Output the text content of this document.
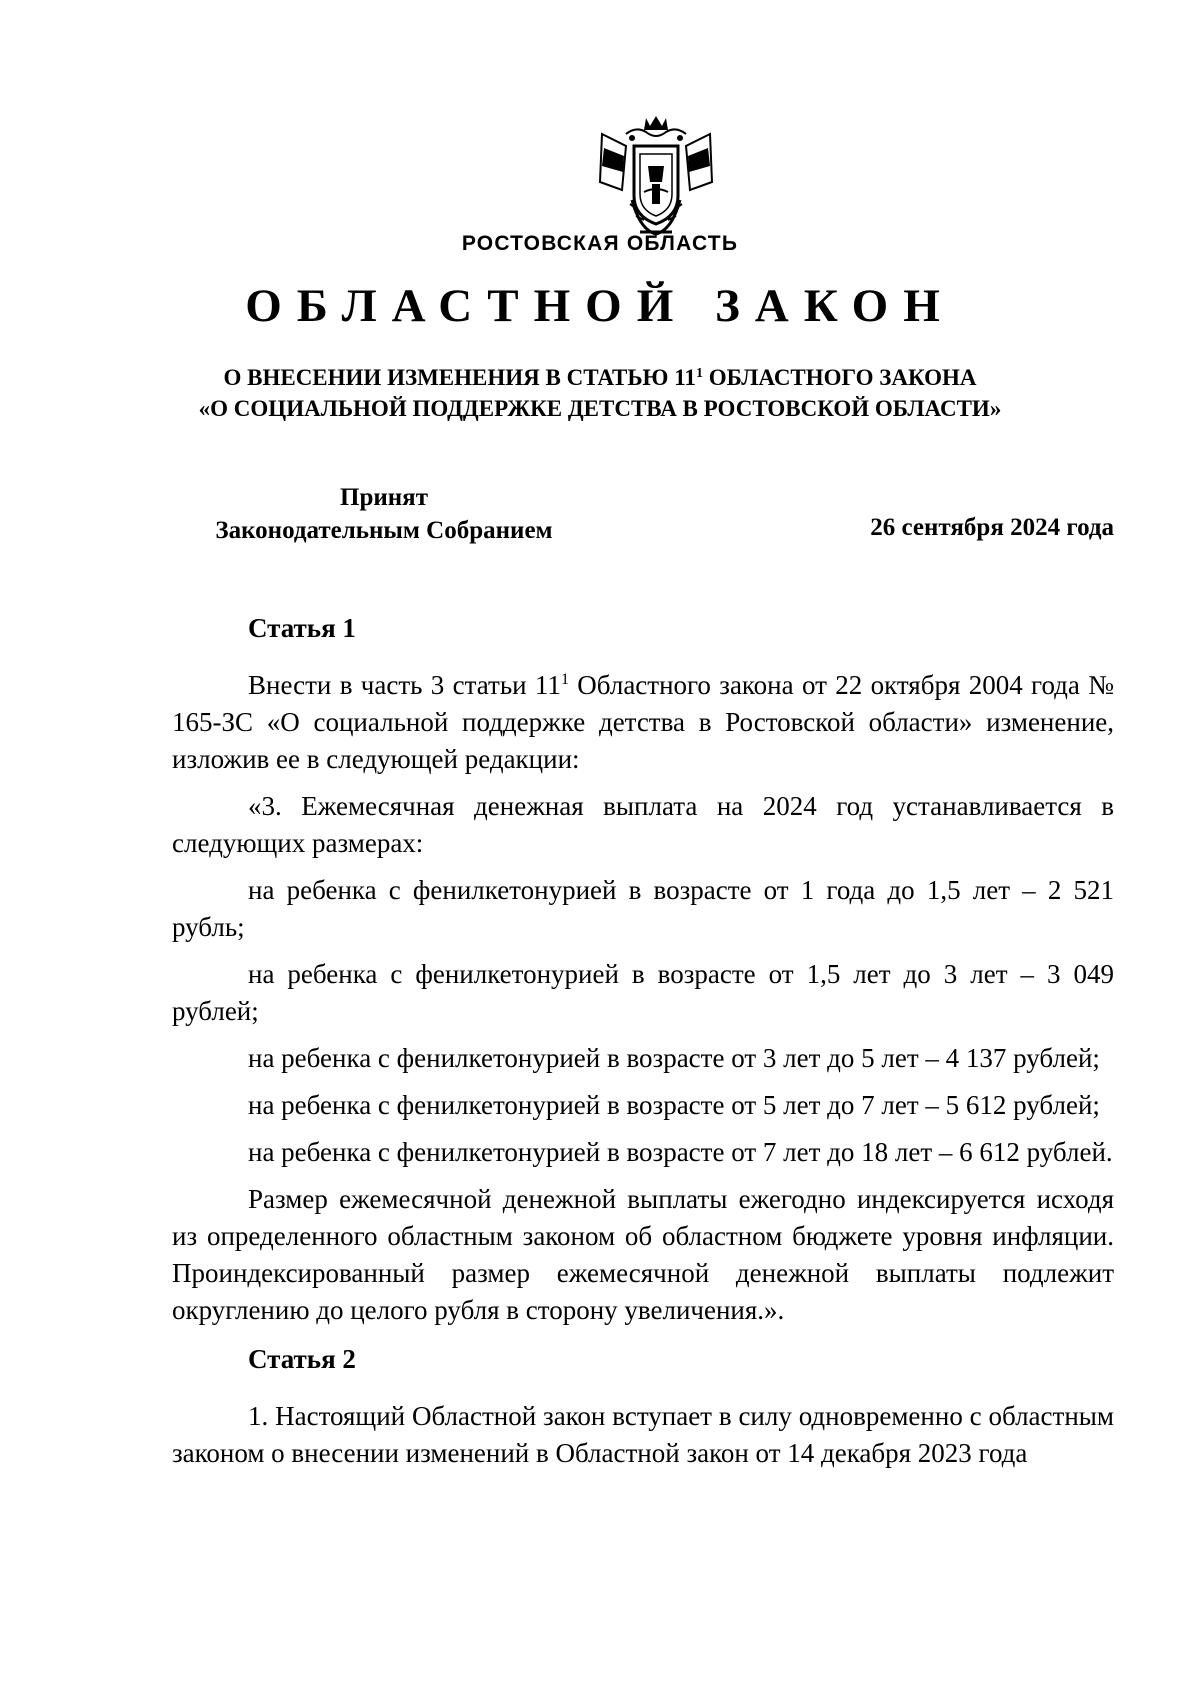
РОСТОВСКАЯ ОБЛАСТЬ
ОБЛАСТНОЙ ЗАКОН
О ВНЕСЕНИИ ИЗМЕНЕНИЯ В СТАТЬЮ $11^1$ ОБЛАСТНОГО ЗАКОНА
«О СОЦИАЛЬНОЙ ПОДДЕРЖКЕ ДЕТСТВА В РОСТОВСКОЙ ОБЛАСТИ»
Принят
Законодательным Собранием	26 сентября 2024 года

Статья 1

Внести в часть 3 статьи $11^1$ Областного закона от 22 октября 2004 года № 165-ЗС «О социальной поддержке детства в Ростовской области» изменение, изложив ее в следующей редакции:

«3. Ежемесячная денежная выплата на 2024 год устанавливается в следующих размерах:

на ребенка с фенилкетонурией в возрасте от 1 года до 1,5 лет – 2 521 рубль;

на ребенка с фенилкетонурией в возрасте от 1,5 лет до 3 лет – 3 049 рублей;

на ребенка с фенилкетонурией в возрасте от 3 лет до 5 лет – 4 137 рублей;

на ребенка с фенилкетонурией в возрасте от 5 лет до 7 лет – 5 612 рублей;

на ребенка с фенилкетонурией в возрасте от 7 лет до 18 лет – 6 612 рублей.

Размер ежемесячной денежной выплаты ежегодно индексируется исходя из определенного областным законом об областном бюджете уровня инфляции. Проиндексированный размер ежемесячной денежной выплаты подлежит округлению до целого рубля в сторону увеличения.».

Статья 2

1. Настоящий Областной закон вступает в силу одновременно с областным законом о внесении изменений в Областной закон от 14 декабря 2023 года
